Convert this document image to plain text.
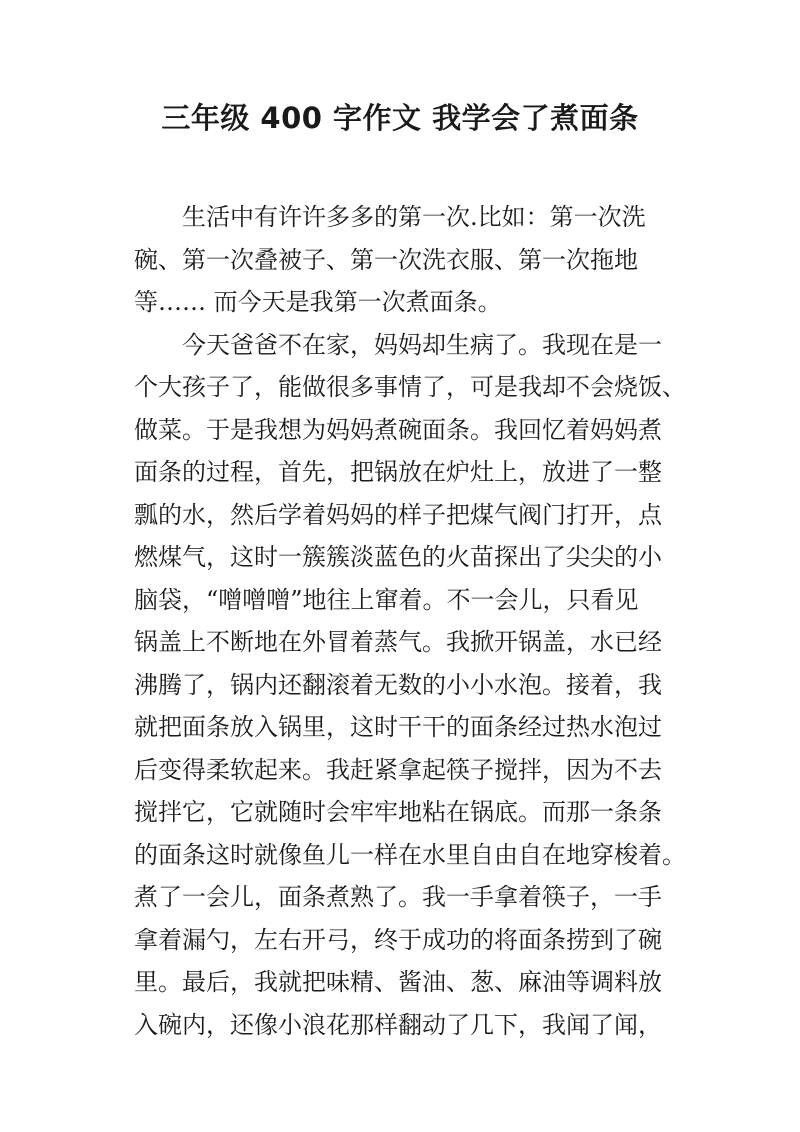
三年级 400 字作文 我学会了煮面条
生活中有许许多多的第一次.比如：第一次洗
碗、第一次叠被子、第一次洗衣服、第一次拖地
等…… 而今天是我第一次煮面条。
今天爸爸不在家，妈妈却生病了。我现在是一
个大孩子了，能做很多事情了，可是我却不会烧饭、
做菜。于是我想为妈妈煮碗面条。我回忆着妈妈煮
面条的过程，首先，把锅放在炉灶上，放进了一整
瓢的水，然后学着妈妈的样子把煤气阀门打开，点
燃煤气，这时一簇簇淡蓝色的火苗探出了尖尖的小
脑袋，“噌噌噌”地往上窜着。不一会儿，只看见
锅盖上不断地在外冒着蒸气。我掀开锅盖，水已经
沸腾了，锅内还翻滚着无数的小小水泡。接着，我
就把面条放入锅里，这时干干的面条经过热水泡过
后变得柔软起来。我赶紧拿起筷子搅拌，因为不去
搅拌它，它就随时会牢牢地粘在锅底。而那一条条
的面条这时就像鱼儿一样在水里自由自在地穿梭着。
煮了一会儿，面条煮熟了。我一手拿着筷子，一手
拿着漏勺，左右开弓，终于成功的将面条捞到了碗
里。最后，我就把味精、酱油、葱、麻油等调料放
入碗内，还像小浪花那样翻动了几下，我闻了闻，
